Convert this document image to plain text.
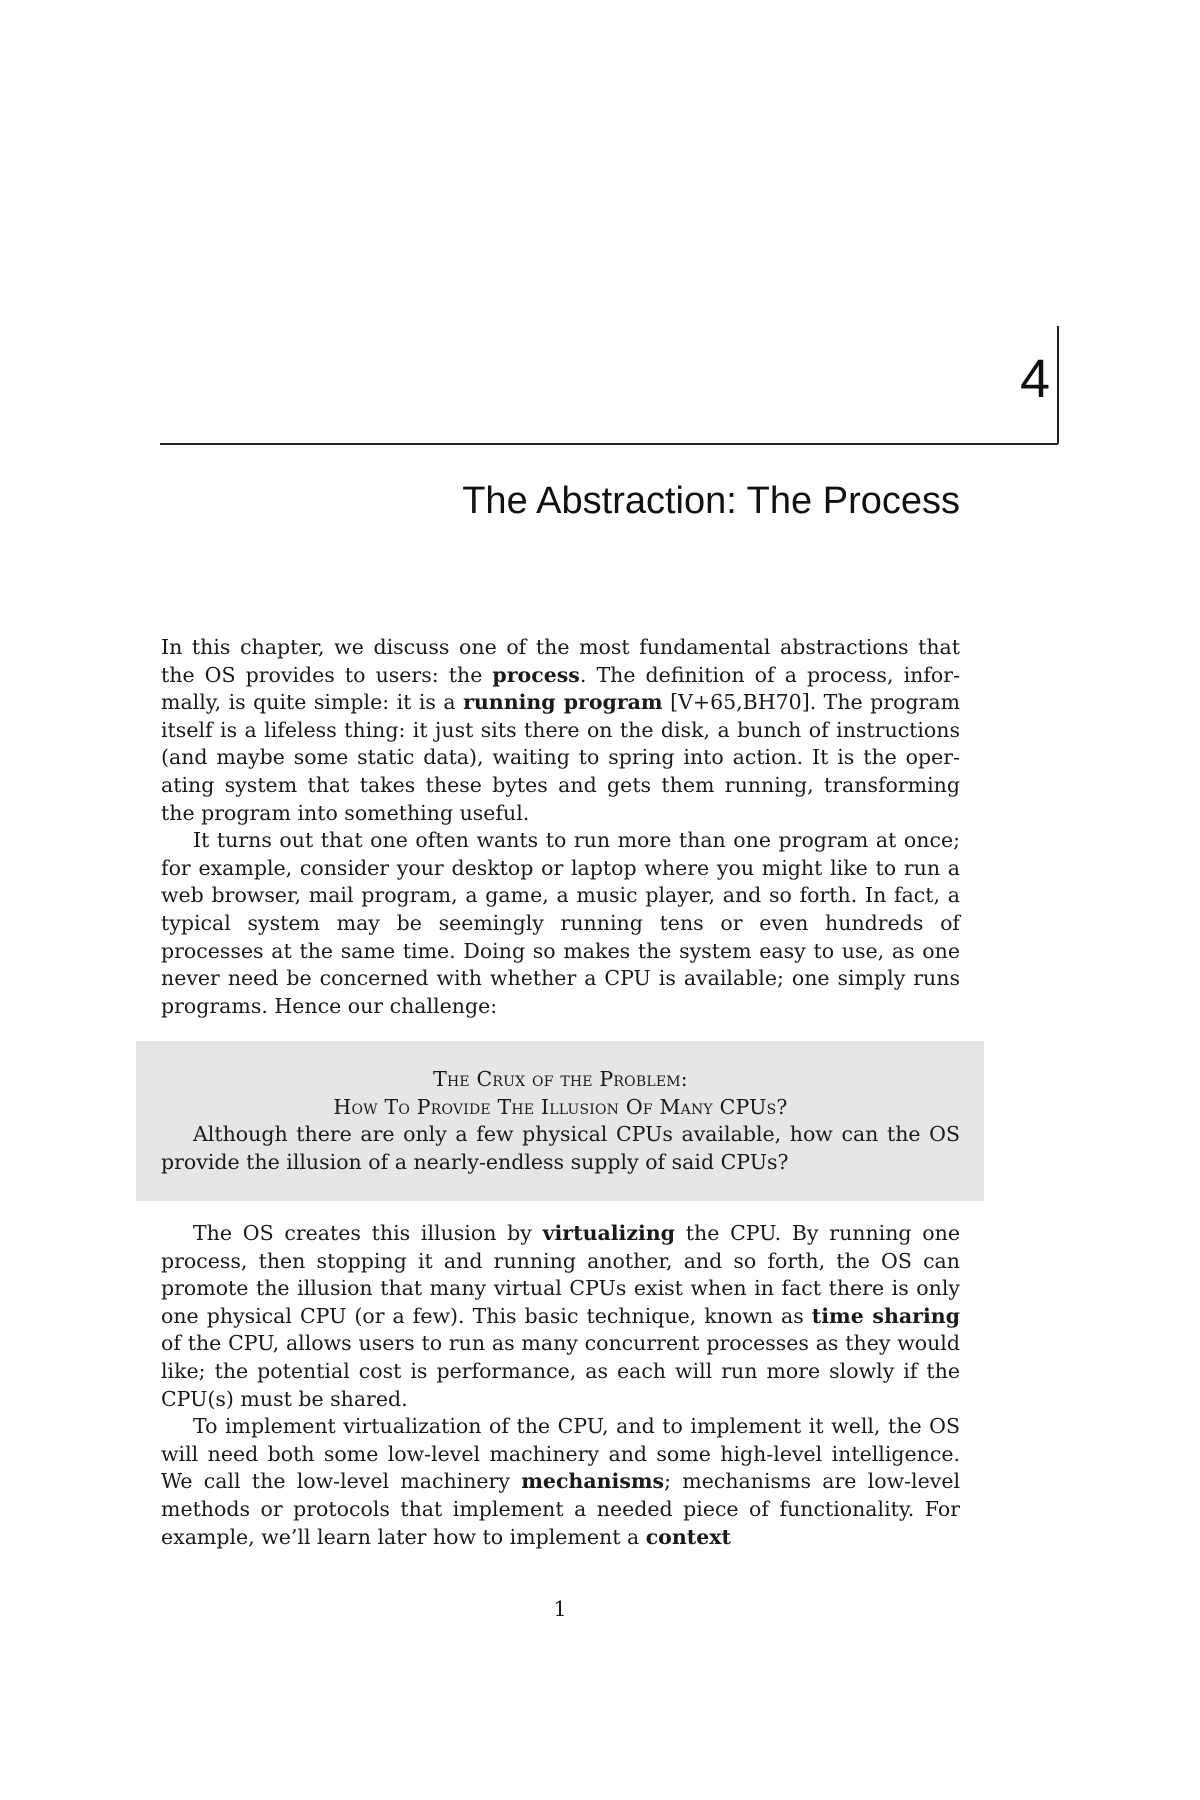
4
The Abstraction: The Process

In this chapter, we discuss one of the most fundamental abstractions that the OS provides to users: the process. The definition of a process, informally, is quite simple: it is a running program [V+65,BH70]. The program itself is a lifeless thing: it just sits there on the disk, a bunch of instructions (and maybe some static data), waiting to spring into action. It is the operating system that takes these bytes and gets them running, transforming the program into something useful.

It turns out that one often wants to run more than one program at once; for example, consider your desktop or laptop where you might like to run a web browser, mail program, a game, a music player, and so forth. In fact, a typical system may be seemingly running tens or even hundreds of processes at the same time. Doing so makes the system easy to use, as one never need be concerned with whether a CPU is available; one simply runs programs. Hence our challenge:

The Crux of the Problem:
How To Provide The Illusion Of Many CPUs?
Although there are only a few physical CPUs available, how can the OS provide the illusion of a nearly-endless supply of said CPUs?

The OS creates this illusion by virtualizing the CPU. By running one process, then stopping it and running another, and so forth, the OS can promote the illusion that many virtual CPUs exist when in fact there is only one physical CPU (or a few). This basic technique, known as time sharing of the CPU, allows users to run as many concurrent processes as they would like; the potential cost is performance, as each will run more slowly if the CPU(s) must be shared.

To implement virtualization of the CPU, and to implement it well, the OS will need both some low-level machinery and some high-level intelligence. We call the low-level machinery mechanisms; mechanisms are low-level methods or protocols that implement a needed piece of functionality. For example, we’ll learn later how to implement a context

1
